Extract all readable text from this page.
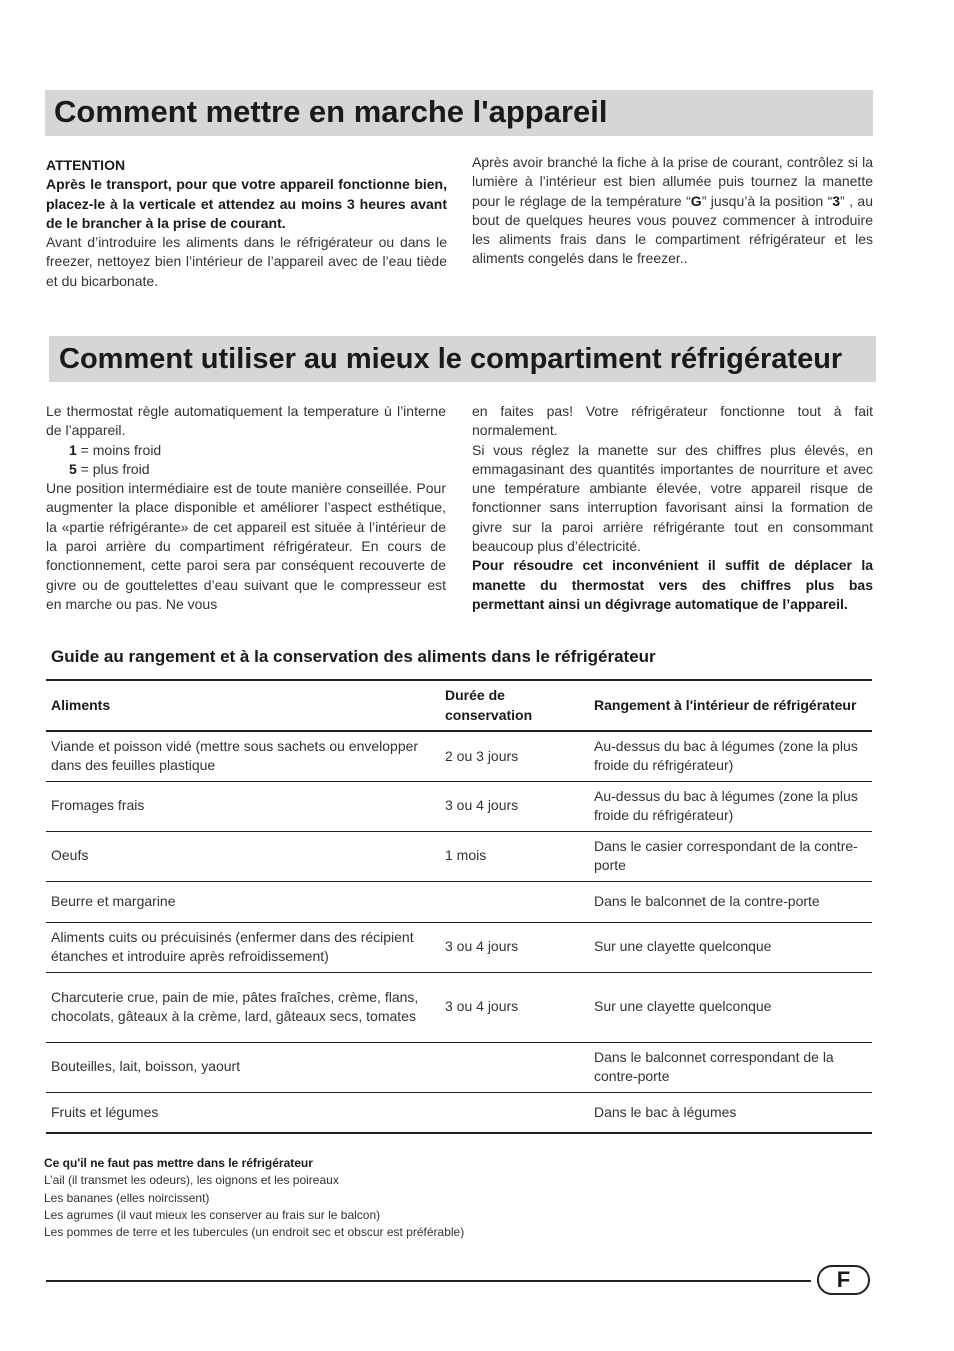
Comment mettre en marche l'appareil

ATTENTION

Après le transport, pour que votre appareil fonctionne bien, placez-le à la verticale et attendez au moins 3 heures avant de le brancher à la prise de courant.

Avant d’introduire les aliments dans le réfrigérateur ou dans le freezer, nettoyez bien l’intérieur de l’appareil avec de l’eau tiède et du bicarbonate.

Après avoir branché la fiche à la prise de courant, contrôlez si la lumière à l’intérieur est bien allumée puis tournez la manette pour le réglage de la température “G” jusqu’à la position “3” , au bout de quelques heures vous pouvez commencer à introduire les aliments frais dans le compartiment réfrigérateur et les aliments congelés dans le freezer..

Comment utiliser au mieux le compartiment réfrigérateur

Le thermostat règle automatiquement la temperature ù l’interne de l’appareil.

1 = moins froid

5 = plus froid

Une position intermédiaire est de toute manière conseillée. Pour augmenter la place disponible et améliorer l’aspect esthétique, la «partie réfrigérante» de cet appareil est située à l’intérieur de la paroi arrière du compartiment réfrigérateur. En cours de fonctionnement, cette paroi sera par conséquent recouverte de givre ou de gouttelettes d’eau suivant que le compresseur est en marche ou pas. Ne vous

en faites pas! Votre réfrigérateur fonctionne tout à fait normalement.

Si vous réglez la manette sur des chiffres plus élevés, en emmagasinant des quantités importantes de nourriture et avec une température ambiante élevée, votre appareil risque de fonctionner sans interruption favorisant ainsi la formation de givre sur la paroi arrière réfrigérante tout en consommant beaucoup plus d’électricité.

Pour résoudre cet inconvénient il suffit de déplacer la manette du thermostat vers des chiffres plus bas permettant ainsi un dégivrage automatique de l’appareil.

Guide au rangement et à la conservation des aliments dans le réfrigérateur
Aliments	Durée de conservation	Rangement à l'intérieur de réfrigérateur
Viande et poisson vidé (mettre sous sachets ou envelopper dans des feuilles plastique	2 ou 3 jours	Au-dessus du bac à légumes (zone la plus froide du réfrigérateur)
Fromages frais	3 ou 4 jours	Au-dessus du bac à légumes (zone la plus froide du réfrigérateur)
Oeufs	1 mois	Dans le casier correspondant de la contre-porte
Beurre et margarine		Dans le balconnet de la contre-porte
Aliments cuits ou précuisinés (enfermer dans des récipient étanches et introduire après refroidissement)	3 ou 4 jours	Sur une clayette quelconque
Charcuterie crue, pain de mie, pâtes fraîches, crème, flans, chocolats, gâteaux à la crème, lard, gâteaux secs, tomates	3 ou 4 jours	Sur une clayette quelconque
Bouteilles, lait, boisson, yaourt		Dans le balconnet correspondant de la contre-porte
Fruits et légumes		Dans le bac à légumes

Ce qu'il ne faut pas mettre dans le réfrigérateur

L’ail (il transmet les odeurs), les oignons et les poireaux

Les bananes (elles noircissent)

Les agrumes (il vaut mieux les conserver au frais sur le balcon)

Les pommes de terre et les tubercules (un endroit sec et obscur est préférable)

F
